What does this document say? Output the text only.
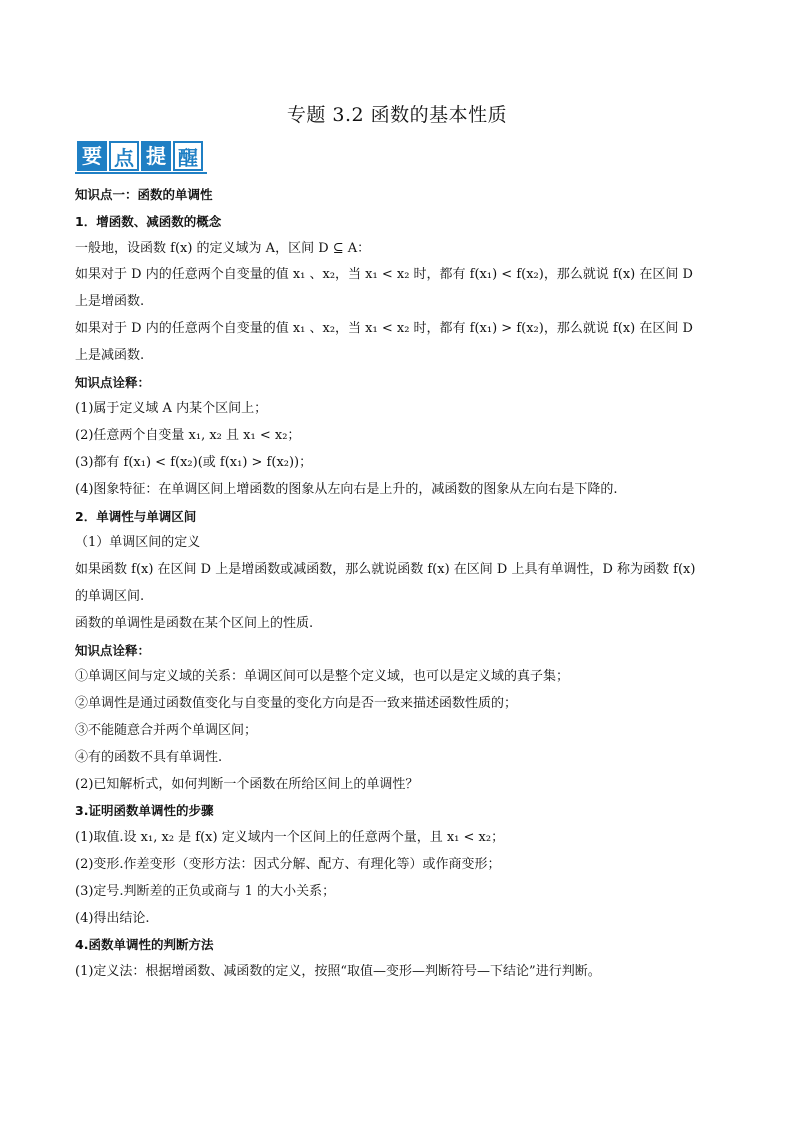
专题 3.2 函数的基本性质
要 点 提 醒
知识点一：函数的单调性
1．增函数、减函数的概念
一般地，设函数 f(x) 的定义域为 A，区间 D ⊆ A：
如果对于 D 内的任意两个自变量的值 x₁ 、x₂，当 x₁ < x₂ 时，都有 f(x₁) < f(x₂)，那么就说 f(x) 在区间 D
上是增函数.
如果对于 D 内的任意两个自变量的值 x₁ 、x₂，当 x₁ < x₂ 时，都有 f(x₁) > f(x₂)，那么就说 f(x) 在区间 D
上是减函数.
知识点诠释：
(1)属于定义域 A 内某个区间上；
(2)任意两个自变量 x₁, x₂ 且 x₁ < x₂；
(3)都有 f(x₁) < f(x₂)(或 f(x₁) > f(x₂))；
(4)图象特征：在单调区间上增函数的图象从左向右是上升的，减函数的图象从左向右是下降的.
2．单调性与单调区间
（1）单调区间的定义
如果函数 f(x) 在区间 D 上是增函数或减函数，那么就说函数 f(x) 在区间 D 上具有单调性，D 称为函数 f(x)
的单调区间.
函数的单调性是函数在某个区间上的性质.
知识点诠释：
①单调区间与定义域的关系：单调区间可以是整个定义域，也可以是定义域的真子集；
②单调性是通过函数值变化与自变量的变化方向是否一致来描述函数性质的；
③不能随意合并两个单调区间；
④有的函数不具有单调性.
(2)已知解析式，如何判断一个函数在所给区间上的单调性？
3.证明函数单调性的步骤
(1)取值.设 x₁, x₂ 是 f(x) 定义域内一个区间上的任意两个量，且 x₁ < x₂；
(2)变形.作差变形（变形方法：因式分解、配方、有理化等）或作商变形；
(3)定号.判断差的正负或商与 1 的大小关系；
(4)得出结论.
4.函数单调性的判断方法
(1)定义法：根据增函数、减函数的定义，按照“取值—变形—判断符号—下结论”进行判断。
